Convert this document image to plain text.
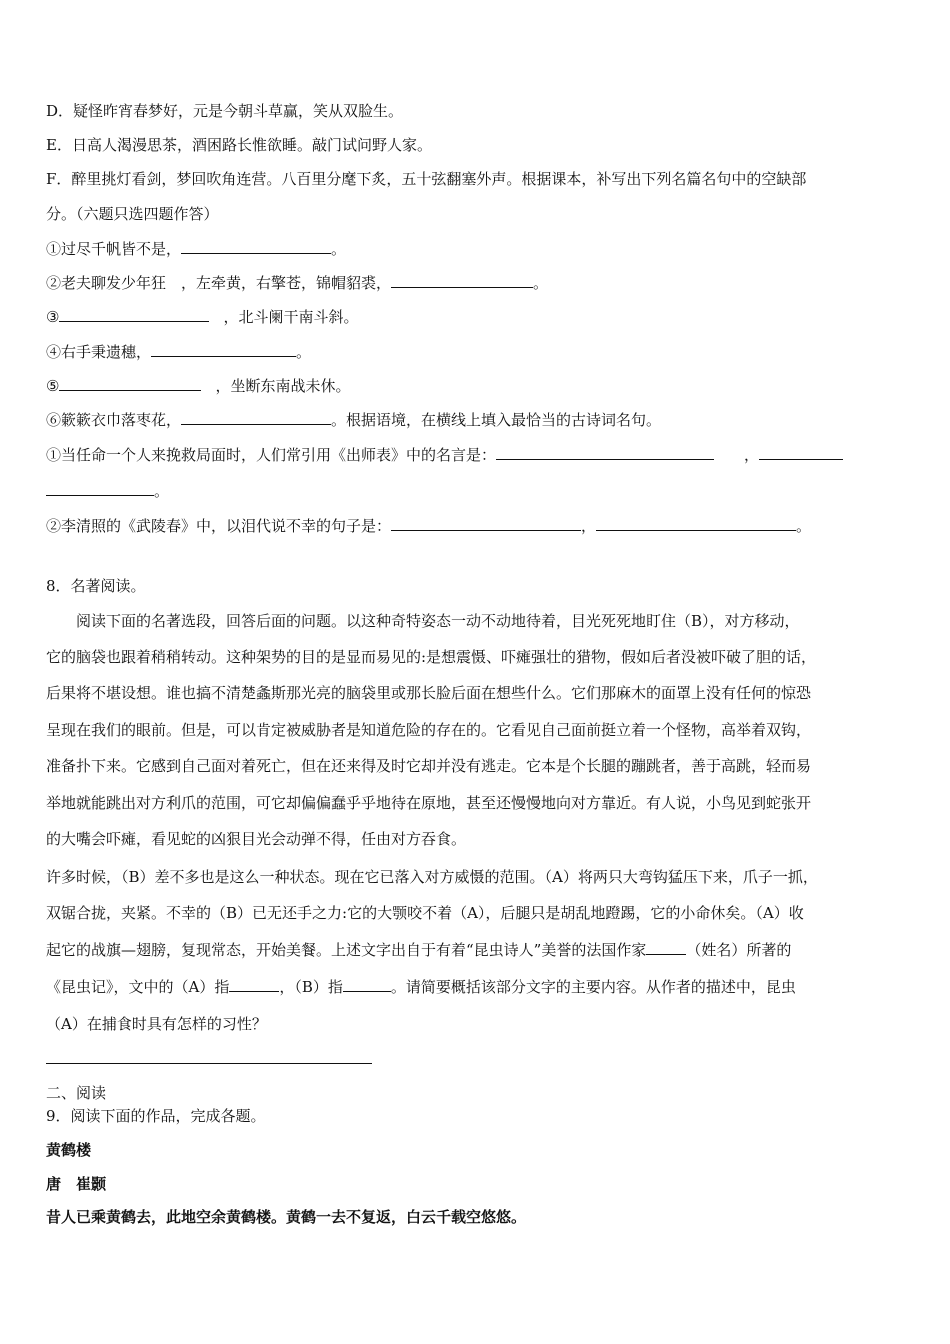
D．疑怪昨宵春梦好，元是今朝斗草赢，笑从双脸生。
E．日高人渴漫思茶，酒困路长惟欲睡。敲门试问野人家。
F．醉里挑灯看剑，梦回吹角连营。八百里分麾下炙，五十弦翻塞外声。根据课本，补写出下列名篇名句中的空缺部
分。（六题只选四题作答）
①过尽千帆皆不是，	。
②老夫聊发少年狂　，左牵黄，右擎苍，锦帽貂裘，	。
③	，北斗阑干南斗斜。
④右手秉遗穗，	。
⑤	，坐断东南战未休。
⑥簌簌衣巾落枣花，	。根据语境，在横线上填入最恰当的古诗词名句。
①当任命一个人来挽救局面时，人们常引用《出师表》中的名言是：	，
。
②李清照的《武陵春》中，以泪代说不幸的句子是：	，	。
8．名著阅读。
阅读下面的名著选段，回答后面的问题。以这种奇特姿态一动不动地待着，目光死死地盯住（B），对方移动，
它的脑袋也跟着稍稍转动。这种架势的目的是显而易见的:是想震慑、吓瘫强壮的猎物，假如后者没被吓破了胆的话，
后果将不堪设想。谁也搞不清楚螽斯那光亮的脑袋里或那长脸后面在想些什么。它们那麻木的面罩上没有任何的惊恐
呈现在我们的眼前。但是，可以肯定被威胁者是知道危险的存在的。它看见自己面前挺立着一个怪物，高举着双钩，
准备扑下来。它感到自己面对着死亡，但在还来得及时它却并没有逃走。它本是个长腿的蹦跳者，善于高跳，轻而易
举地就能跳出对方利爪的范围，可它却偏偏蠢乎乎地待在原地，甚至还慢慢地向对方靠近。有人说，小鸟见到蛇张开
的大嘴会吓瘫，看见蛇的凶狠目光会动弹不得，任由对方吞食。
许多时候，（B）差不多也是这么一种状态。现在它已落入对方威慑的范围。（A）将两只大弯钩猛压下来，爪子一抓，
双锯合拢，夹紧。不幸的（B）已无还手之力:它的大颚咬不着（A），后腿只是胡乱地蹬踢，它的小命休矣。（A）收
起它的战旗—翅膀，复现常态，开始美餐。上述文字出自于有着“昆虫诗人”美誉的法国作家	（姓名）所著的
《昆虫记》，文中的（A）指	，（B）指	。请简要概括该部分文字的主要内容。从作者的描述中，昆虫
（A）在捕食时具有怎样的习性？
二、阅读
9．阅读下面的作品，完成各题。
黄鹤楼
唐　崔颢
昔人已乘黄鹤去，此地空余黄鹤楼。黄鹤一去不复返，白云千载空悠悠。
